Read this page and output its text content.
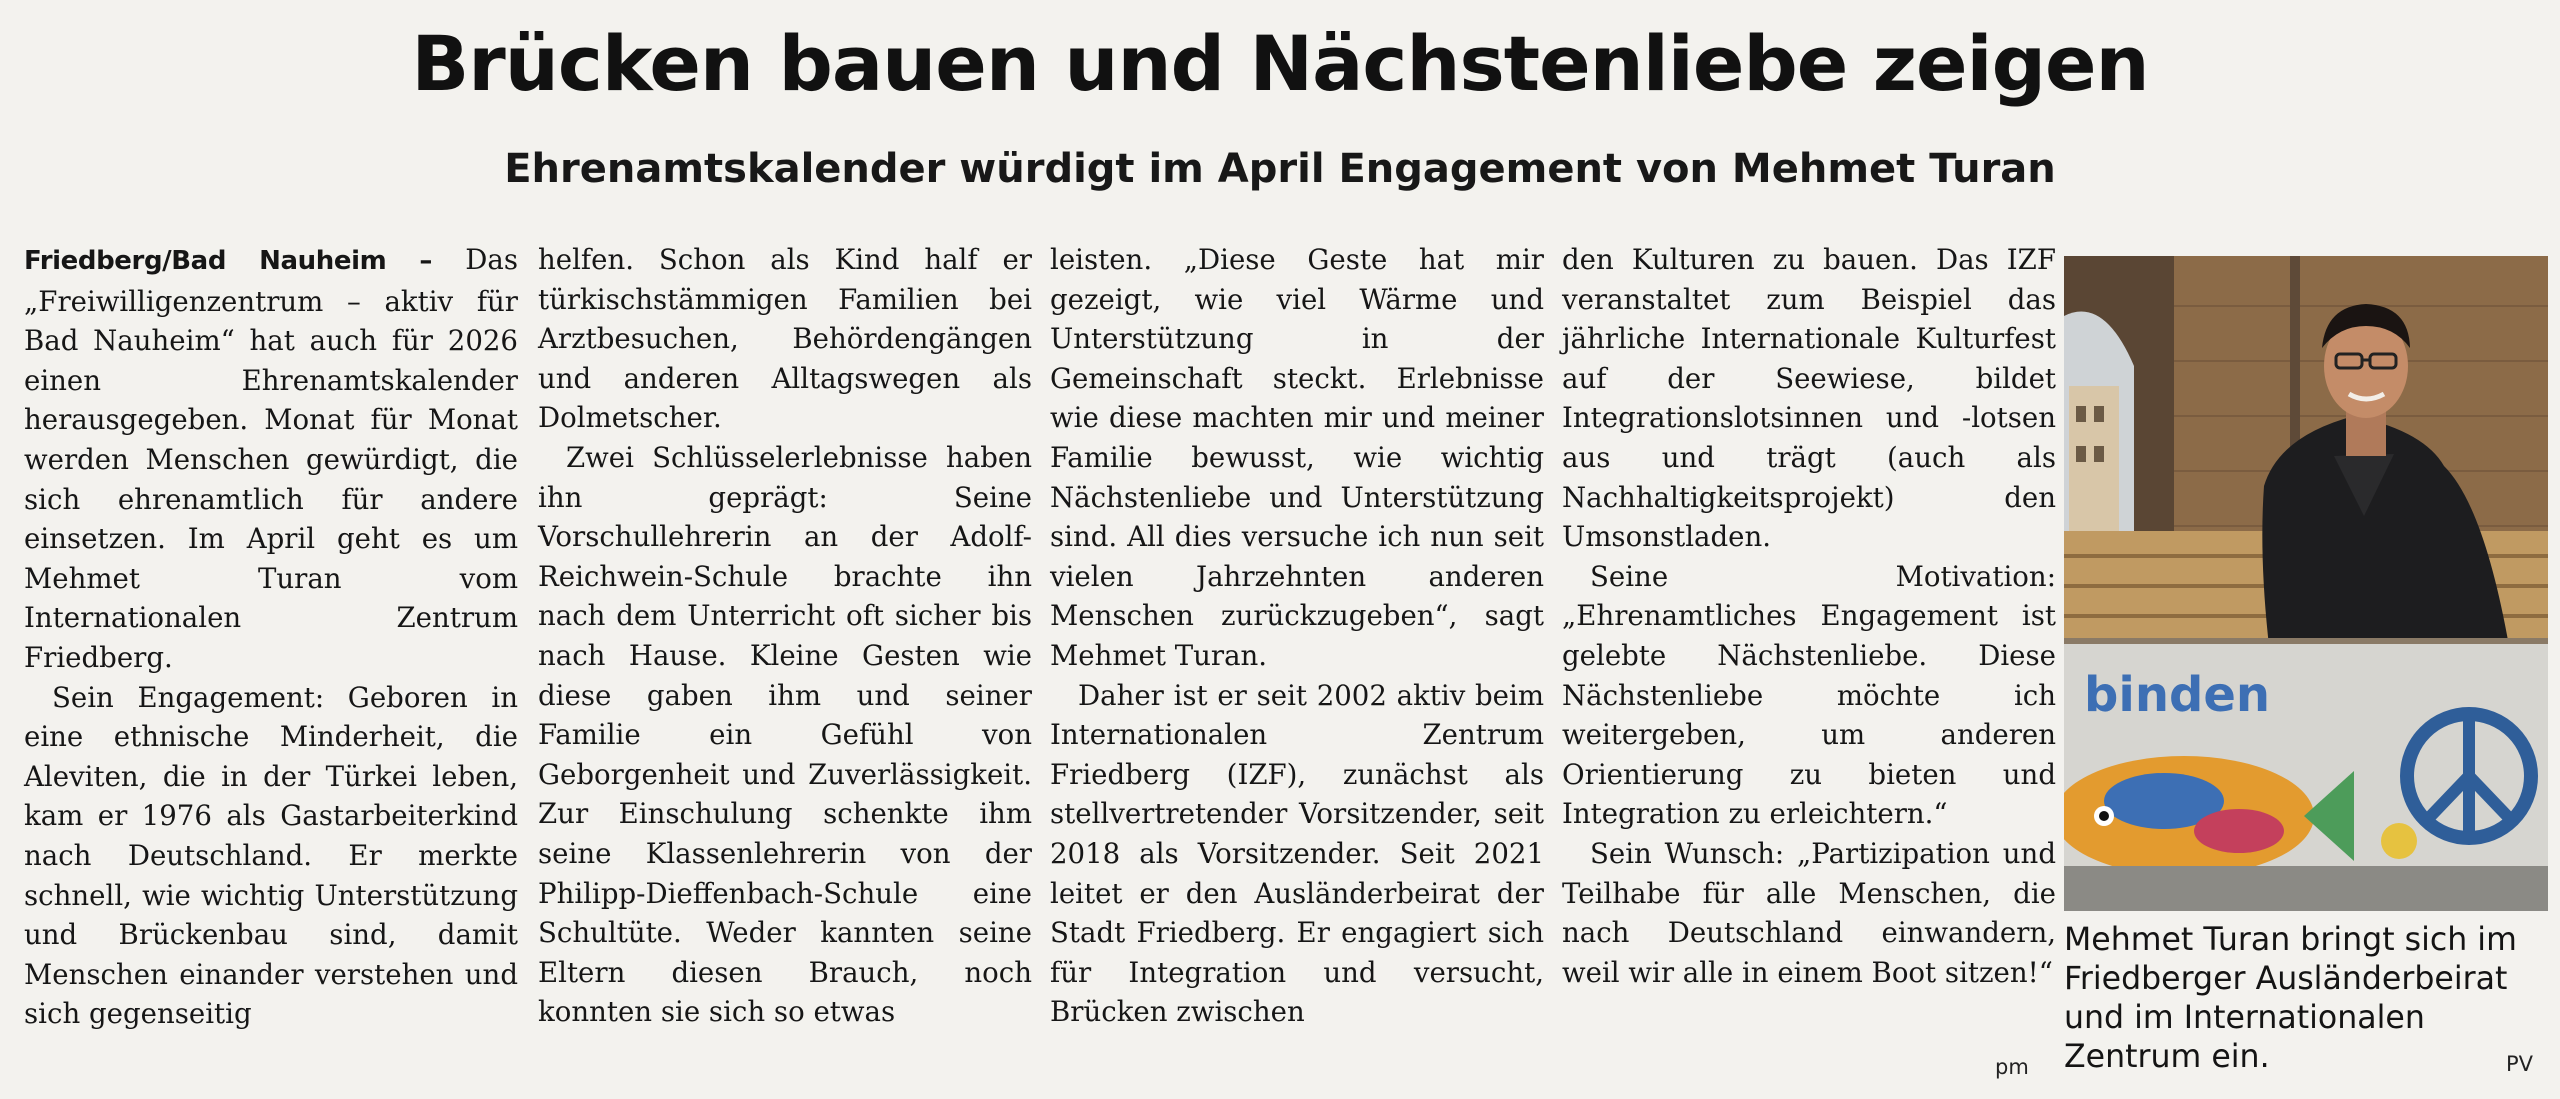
Brücken bauen und Nächstenliebe zeigen
Ehrenamtskalender würdigt im April Engagement von Mehmet Turan

Friedberg/Bad Nauheim – Das „Freiwilligenzentrum – aktiv für Bad Nauheim“ hat auch für 2026 einen Ehrenamtskalender herausgegeben. Monat für Monat werden Menschen gewürdigt, die sich ehrenamtlich für andere einsetzen. Im April geht es um Mehmet Turan vom Internationalen Zentrum Friedberg.

Sein Engagement: Geboren in eine ethnische Minderheit, die Aleviten, die in der Türkei leben, kam er 1976 als Gastarbeiterkind nach Deutschland. Er merkte schnell, wie wichtig Unterstützung und Brückenbau sind, damit Menschen einander verstehen und sich gegenseitig

helfen. Schon als Kind half er türkischstämmigen Familien bei Arztbesuchen, Behördengängen und anderen Alltagswegen als Dolmetscher.

Zwei Schlüsselerlebnisse haben ihn geprägt: Seine Vorschullehrerin an der Adolf-Reichwein-Schule brachte ihn nach dem Unterricht oft sicher bis nach Hause. Kleine Gesten wie diese gaben ihm und seiner Familie ein Gefühl von Geborgenheit und Zuverlässigkeit. Zur Einschulung schenkte ihm seine Klassenlehrerin von der Philipp-Dieffenbach-Schule eine Schultüte. Weder kannten seine Eltern diesen Brauch, noch konnten sie sich so etwas

leisten. „Diese Geste hat mir gezeigt, wie viel Wärme und Unterstützung in der Gemeinschaft steckt. Erlebnisse wie diese machten mir und meiner Familie bewusst, wie wichtig Nächstenliebe und Unterstützung sind. All dies versuche ich nun seit vielen Jahrzehnten anderen Menschen zurückzugeben“, sagt Mehmet Turan.

Daher ist er seit 2002 aktiv beim Internationalen Zentrum Friedberg (IZF), zunächst als stellvertretender Vorsitzender, seit 2018 als Vorsitzender. Seit 2021 leitet er den Ausländerbeirat der Stadt Friedberg. Er engagiert sich für Integration und versucht, Brücken zwischen

den Kulturen zu bauen. Das IZF veranstaltet zum Beispiel das jährliche Internationale Kulturfest auf der Seewiese, bildet Integrationslotsinnen und -lotsen aus und trägt (auch als Nachhaltigkeitsprojekt) den Umsonstladen.

Seine Motivation: „Ehrenamtliches Engagement ist gelebte Nächstenliebe. Diese Nächstenliebe möchte ich weitergeben, um anderen Orientierung zu bieten und Integration zu erleichtern.“

Sein Wunsch: „Partizipation und Teilhabe für alle Menschen, die nach Deutschland einwandern, weil wir alle in einem Boot sitzen!“

pm
binden
Mehmet Turan bringt sich im Friedberger Ausländerbeirat und im Internationalen Zentrum ein.	PV
